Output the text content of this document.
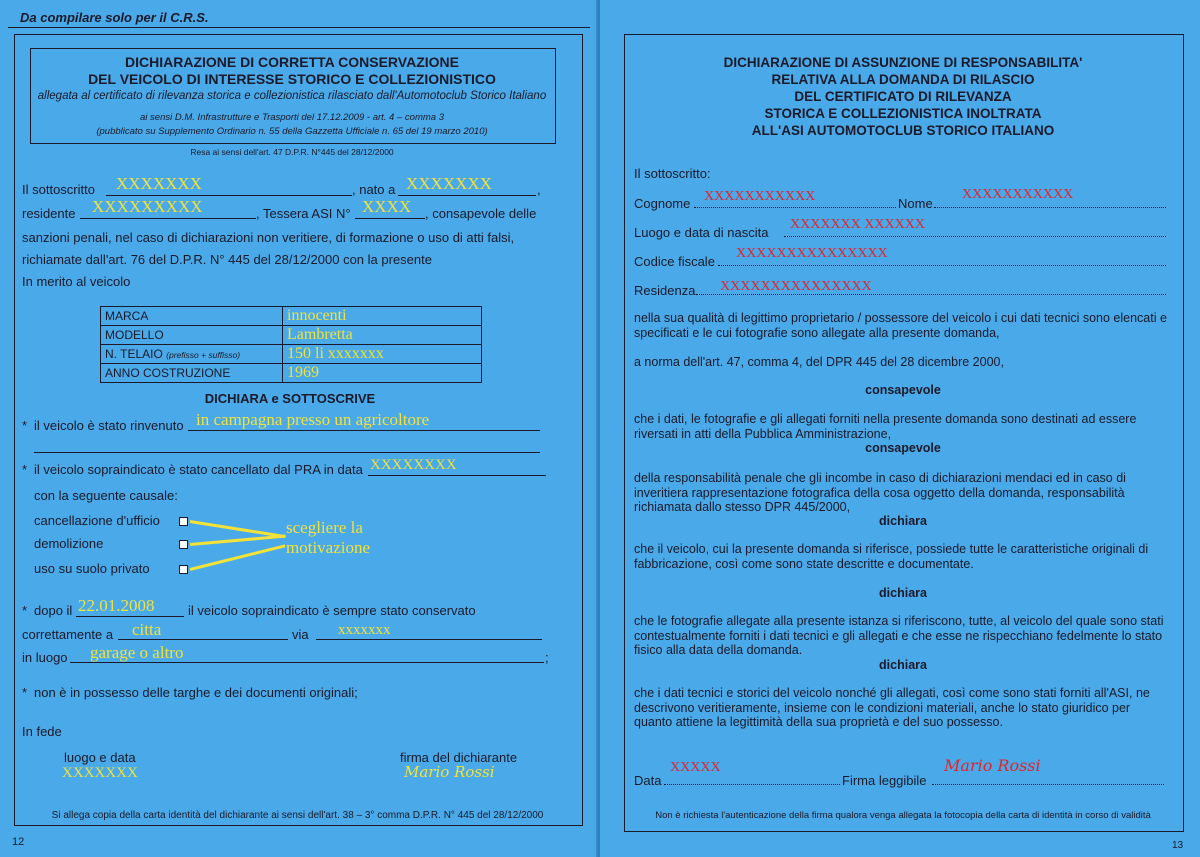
Da compilare solo per il C.R.S.
DICHIARAZIONE DI CORRETTA CONSERVAZIONE
DEL VEICOLO DI INTERESSE STORICO E COLLEZIONISTICO
allegata al certificato di rilevanza storica e collezionistica rilasciato dall'Automotoclub Storico Italiano
ai sensi D.M. Infrastrutture e Trasporti del 17.12.2009 - art. 4 – comma 3
(pubblicato su Supplemento Ordinario n. 55 della Gazzetta Ufficiale n. 65 del 19 marzo 2010)
Resa ai sensi dell'art. 47 D.P.R. N°445 del 28/12/2000
Il sottoscritto XXXXXXX	, nato a XXXXXXX	,
residente XXXXXXXXX	, Tessera ASI N° XXXX , consapevole delle
sanzioni penali, nel caso di dichiarazioni non veritiere, di formazione o uso di atti falsi,
richiamate dall'art. 76 del D.P.R. N° 445 del 28/12/2000 con la presente
In merito al veicolo
MARCA	innocenti
MODELLO	Lambretta
N. TELAIO (prefisso + suffisso)	150 li xxxxxxx
ANNO COSTRUZIONE	1969
DICHIARA e SOTTOSCRIVE
* il veicolo è stato rinvenuto in campagna presso un agricoltore
* il veicolo sopraindicato è stato cancellato dal PRA in data XXXXXXXX
con la seguente causale:
cancellazione d'ufficio
demolizione
uso su suolo privato
scegliere la
motivazione
* dopo il 22.01.2008	il veicolo sopraindicato è sempre stato conservato
correttamente a citta	via xxxxxxx
in luogo garage o altro	;
* non è in possesso delle targhe e dei documenti originali;
In fede
luogo e data
XXXXXXX
firma del dichiarante
Mario Rossi
Si allega copia della carta identità del dichiarante ai sensi dell'art. 38 – 3° comma D.P.R. N° 445 del 28/12/2000
12
DICHIARAZIONE DI ASSUNZIONE DI RESPONSABILITA'
RELATIVA ALLA DOMANDA DI RILASCIO
DEL CERTIFICATO DI RILEVANZA
STORICA E COLLEZIONISTICA INOLTRATA
ALL'ASI AUTOMOTOCLUB STORICO ITALIANO
Il sottoscritto:
Cognome XXXXXXXXXXX	Nome
XXXXXXXXXXX
Luogo e data di nascita
XXXXXXX XXXXXX
Codice fiscale
XXXXXXXXXXXXXXX
Residenza XXXXXXXXXXXXXXX
nella sua qualità di legittimo proprietario / possessore del veicolo i cui dati tecnici sono elencati e specificati e le cui fotografie sono allegate alla presente domanda,
a norma dell'art. 47, comma 4, del DPR 445 del 28 dicembre 2000,
consapevole
che i dati, le fotografie e gli allegati forniti nella presente domanda sono destinati ad essere riversati in atti della Pubblica Amministrazione,
consapevole
della responsabilità penale che gli incombe in caso di dichiarazioni mendaci ed in caso di inveritiera rappresentazione fotografica della cosa oggetto della domanda, responsabilità richiamata dallo stesso DPR 445/2000,
dichiara
che il veicolo, cui la presente domanda si riferisce, possiede tutte le caratteristiche originali di fabbricazione, così come sono state descritte e documentate.
dichiara
che le fotografie allegate alla presente istanza si riferiscono, tutte, al veicolo del quale sono stati contestualmente forniti i dati tecnici e gli allegati e che esse ne rispecchiano fedelmente lo stato fisico alla data della domanda.
dichiara
che i dati tecnici e storici del veicolo nonché gli allegati, così come sono stati forniti all'ASI, ne descrivono veritieramente, insieme con le condizioni materiali, anche lo stato giuridico per quanto attiene la legittimità della sua proprietà e del suo possesso.
Data
XXXXX
Firma leggibile
Mario Rossi
Non è richiesta l'autenticazione della firma qualora venga allegata la fotocopia della carta di identità in corso di validità
13
